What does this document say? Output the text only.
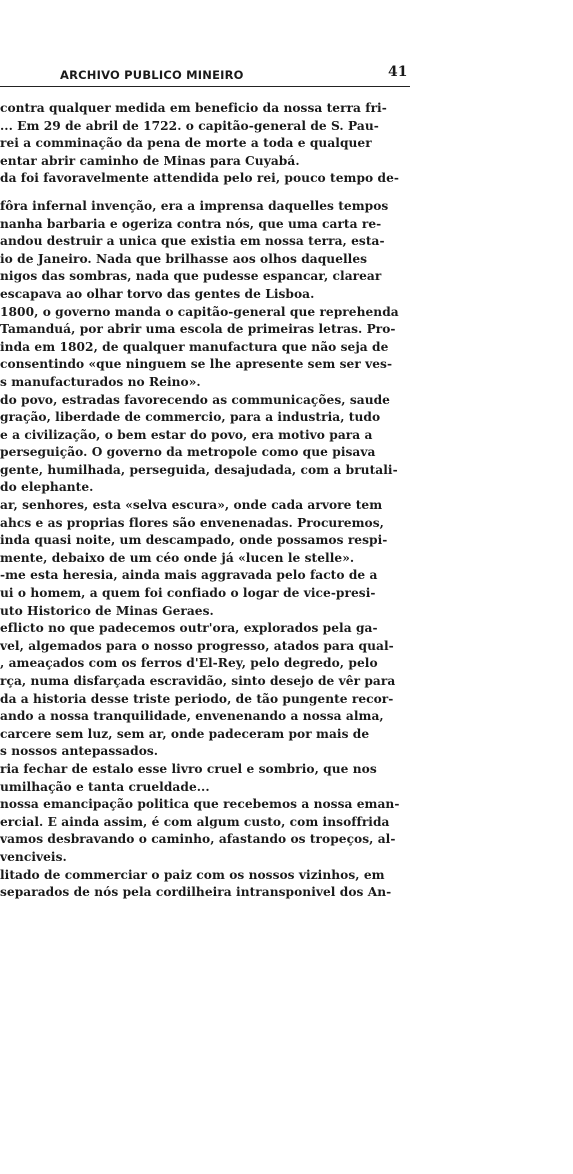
ARCHIVO PUBLICO MINEIRO	41
contra qualquer medida em beneficio da nossa terra fri-
... Em 29 de abril de 1722. o capitão-general de S. Pau-
rei a comminação da pena de morte a toda e qualquer
entar abrir caminho de Minas para Cuyabá.
da foi favoravelmente attendida pelo rei, pouco tempo de-
fôra infernal invenção, era a imprensa daquelles tempos
nanha barbaria e ogeriza contra nós, que uma carta re-
andou destruir a unica que existia em nossa terra, esta-
io de Janeiro. Nada que brilhasse aos olhos daquelles
nigos das sombras, nada que pudesse espancar, clarear
escapava ao olhar torvo das gentes de Lisboa.
1800, o governo manda o capitão-general que reprehenda
Tamanduá, por abrir uma escola de primeiras letras. Pro-
inda em 1802, de qualquer manufactura que não seja de
consentindo «que ninguem se lhe apresente sem ser ves-
s manufacturados no Reino».
do povo, estradas favorecendo as communicações, saude
gração, liberdade de commercio, para a industria, tudo
e a civilização, o bem estar do povo, era motivo para a
perseguição. O governo da metropole como que pisava
gente, humilhada, perseguida, desajudada, com a brutali-
do elephante.
ar, senhores, esta «selva escura», onde cada arvore tem
ahcs e as proprias flores são envenenadas. Procuremos,
inda quasi noite, um descampado, onde possamos respi-
mente, debaixo de um céo onde já «lucen le stelle».
-me esta heresia, ainda mais aggravada pelo facto de a
ui o homem, a quem foi confiado o logar de vice-presi-
uto Historico de Minas Geraes.
eflicto no que padecemos outr'ora, explorados pela ga-
vel, algemados para o nosso progresso, atados para qual-
, ameaçados com os ferros d'El-Rey, pelo degredo, pelo
rça, numa disfarçada escravidão, sinto desejo de vêr para
da a historia desse triste periodo, de tão pungente recor-
ando a nossa tranquilidade, envenenando a nossa alma,
carcere sem luz, sem ar, onde padeceram por mais de
s nossos antepassados.
ria fechar de estalo esse livro cruel e sombrio, que nos
umilhação e tanta crueldade...
nossa emancipação politica que recebemos a nossa eman-
ercial. E ainda assim, é com algum custo, com insoffrida
vamos desbravando o caminho, afastando os tropeços, al-
venciveis.
litado de commerciar o paiz com os nossos vizinhos, em
separados de nós pela cordilheira intransponivel dos An-
